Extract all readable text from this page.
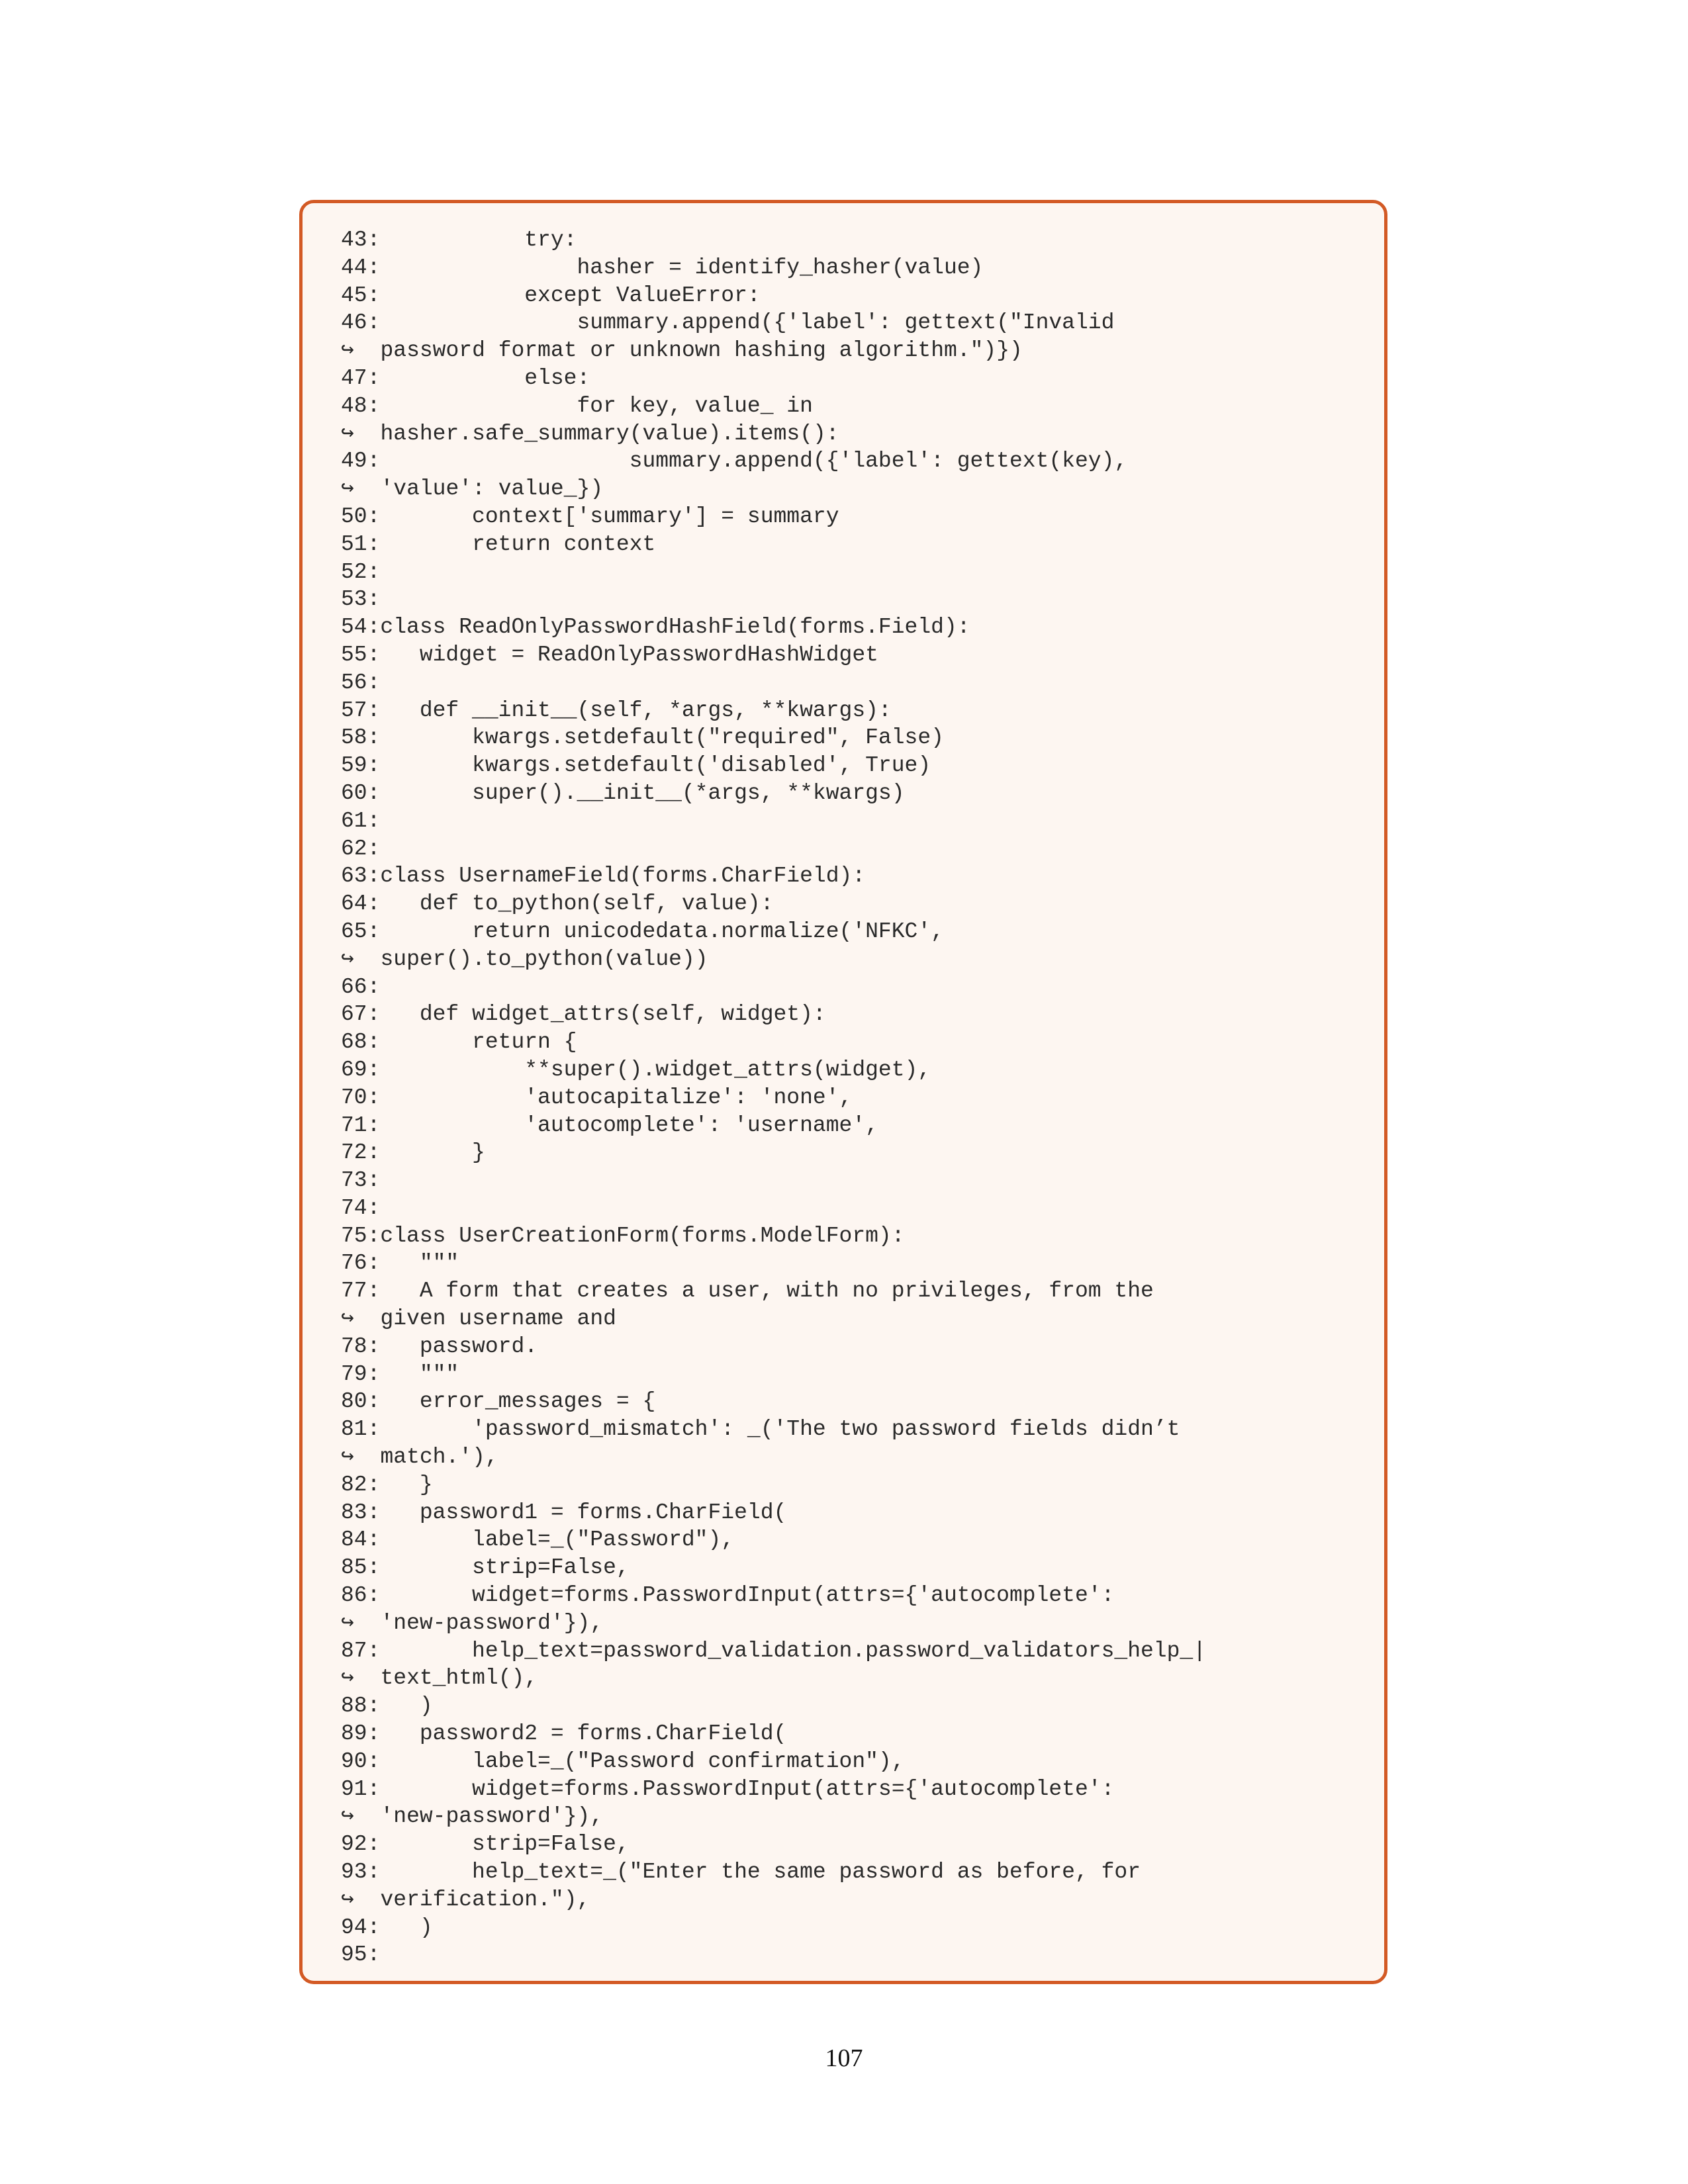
43:           try:
44:               hasher = identify_hasher(value)
45:           except ValueError:
46:               summary.append({'label': gettext("Invalid
↪  password format or unknown hashing algorithm.")})
47:           else:
48:               for key, value_ in
↪  hasher.safe_summary(value).items():
49:                   summary.append({'label': gettext(key),
↪  'value': value_})
50:       context['summary'] = summary
51:       return context
52:
53:
54:class ReadOnlyPasswordHashField(forms.Field):
55:   widget = ReadOnlyPasswordHashWidget
56:
57:   def __init__(self, *args, **kwargs):
58:       kwargs.setdefault("required", False)
59:       kwargs.setdefault('disabled', True)
60:       super().__init__(*args, **kwargs)
61:
62:
63:class UsernameField(forms.CharField):
64:   def to_python(self, value):
65:       return unicodedata.normalize('NFKC',
↪  super().to_python(value))
66:
67:   def widget_attrs(self, widget):
68:       return {
69:           **super().widget_attrs(widget),
70:           'autocapitalize': 'none',
71:           'autocomplete': 'username',
72:       }
73:
74:
75:class UserCreationForm(forms.ModelForm):
76:   """
77:   A form that creates a user, with no privileges, from the
↪  given username and
78:   password.
79:   """
80:   error_messages = {
81:       'password_mismatch': _('The two password fields didn’t
↪  match.'),
82:   }
83:   password1 = forms.CharField(
84:       label=_("Password"),
85:       strip=False,
86:       widget=forms.PasswordInput(attrs={'autocomplete':
↪  'new-password'}),
87:       help_text=password_validation.password_validators_help_|
↪  text_html(),
88:   )
89:   password2 = forms.CharField(
90:       label=_("Password confirmation"),
91:       widget=forms.PasswordInput(attrs={'autocomplete':
↪  'new-password'}),
92:       strip=False,
93:       help_text=_("Enter the same password as before, for
↪  verification."),
94:   )
95:
107
